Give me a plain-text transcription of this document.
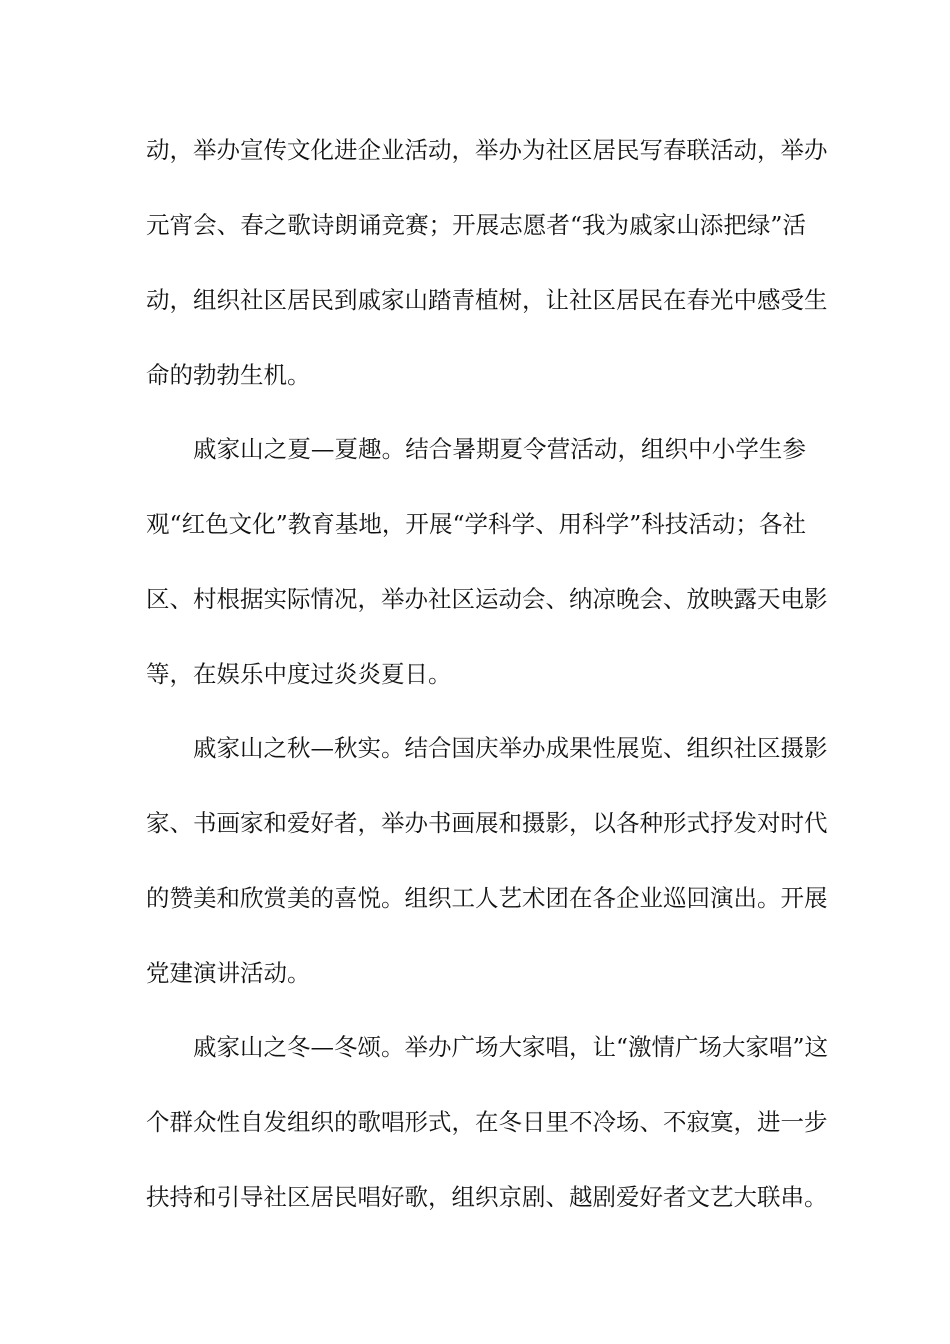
动，举办宣传文化进企业活动，举办为社区居民写春联活动，举办
元宵会、春之歌诗朗诵竞赛；开展志愿者“我为戚家山添把绿”活
动，组织社区居民到戚家山踏青植树，让社区居民在春光中感受生
命的勃勃生机。
戚家山之夏—夏趣。结合暑期夏令营活动，组织中小学生参
观“红色文化”教育基地，开展“学科学、用科学”科技活动；各社
区、村根据实际情况，举办社区运动会、纳凉晚会、放映露天电影
等，在娱乐中度过炎炎夏日。
戚家山之秋—秋实。结合国庆举办成果性展览、组织社区摄影
家、书画家和爱好者，举办书画展和摄影，以各种形式抒发对时代
的赞美和欣赏美的喜悦。组织工人艺术团在各企业巡回演出。开展
党建演讲活动。
戚家山之冬—冬颂。举办广场大家唱，让“激情广场大家唱”这
个群众性自发组织的歌唱形式，在冬日里不冷场、不寂寞，进一步
扶持和引导社区居民唱好歌，组织京剧、越剧爱好者文艺大联串。
